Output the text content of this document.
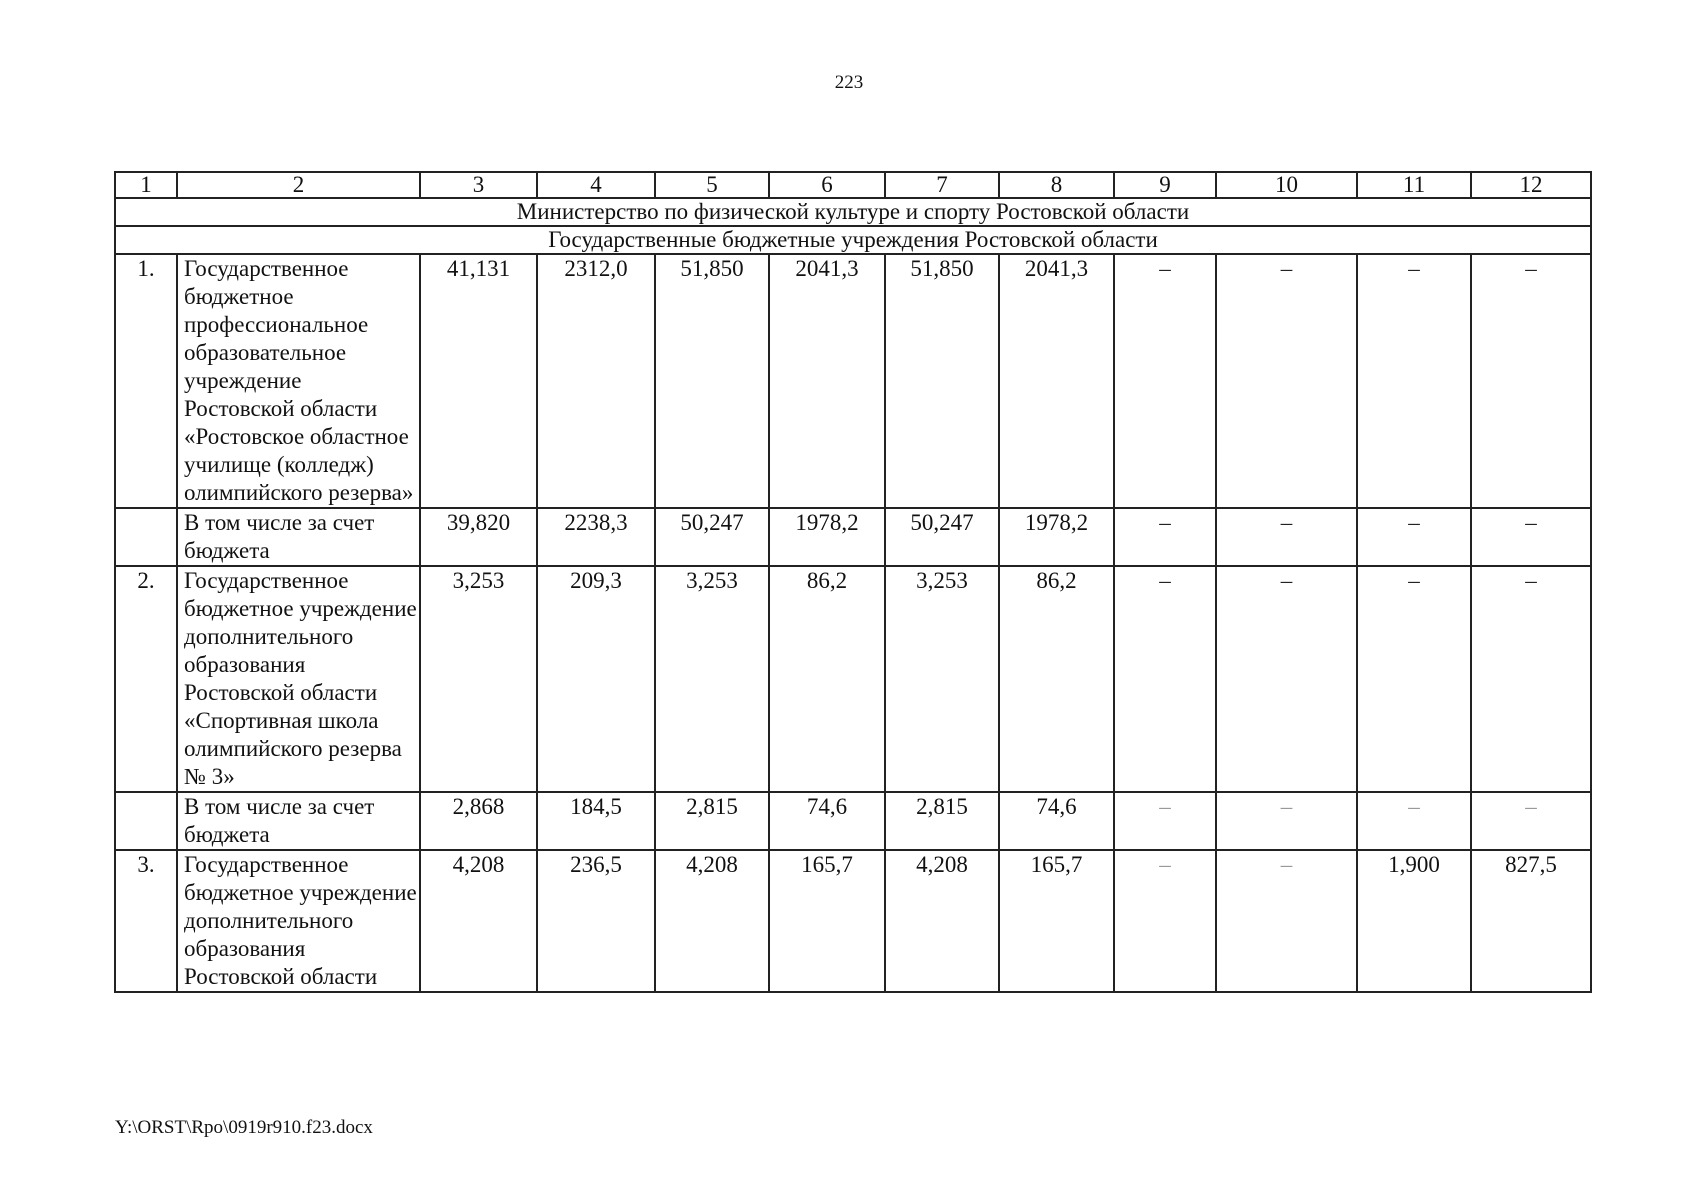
223
1	2	3	4	5	6	7	8	9	10	11	12
Министерство по физической культуре и спорту Ростовской области											
Государственные бюджетные учреждения Ростовской области											
1.	Государственное бюджетное профессиональное образовательное учреждение Ростовской области «Ростовское областное училище (колледж) олимпийского резерва»	41,131	2312,0	51,850	2041,3	51,850	2041,3	–	–	–	–
	В том числе за счет бюджета	39,820	2238,3	50,247	1978,2	50,247	1978,2	–	–	–	–
2.	Государственное бюджетное учреждение дополнительного образования Ростовской области «Спортивная школа олимпийского резерва № 3»	3,253	209,3	3,253	86,2	3,253	86,2	–	–	–	–
	В том числе за счет бюджета	2,868	184,5	2,815	74,6	2,815	74,6	–	–	–	–
3.	Государственное бюджетное учреждение дополнительного образования Ростовской области	4,208	236,5	4,208	165,7	4,208	165,7	–	–	1,900	827,5
Y:\ORST\Rpo\0919r910.f23.docx
